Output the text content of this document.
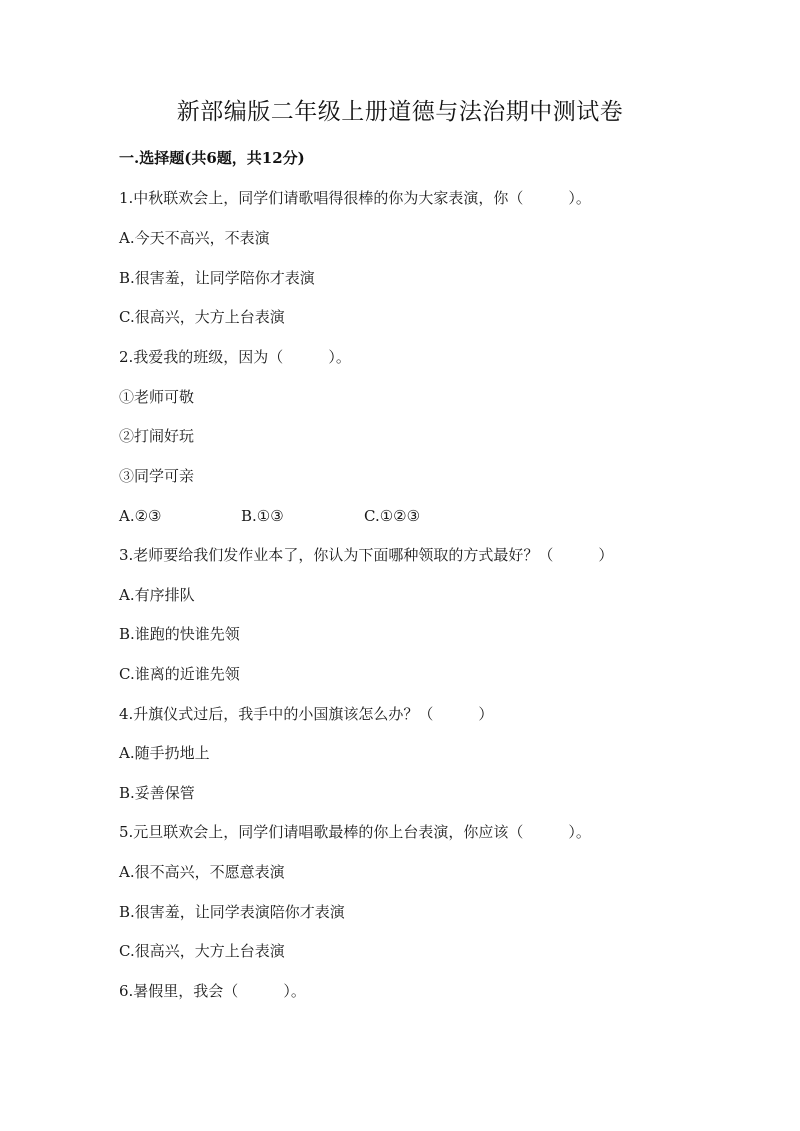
新部编版二年级上册道德与法治期中测试卷
一.选择题(共6题，共12分)
1.中秋联欢会上，同学们请歌唱得很棒的你为大家表演，你（　　　）。
A.今天不高兴，不表演
B.很害羞，让同学陪你才表演
C.很高兴，大方上台表演
2.我爱我的班级，因为（　　　）。
①老师可敬
②打闹好玩
③同学可亲
A.②③	B.①③	C.①②③
3.老师要给我们发作业本了，你认为下面哪种领取的方式最好？（　　　）
A.有序排队
B.谁跑的快谁先领
C.谁离的近谁先领
4.升旗仪式过后，我手中的小国旗该怎么办？（　　　）
A.随手扔地上
B.妥善保管
5.元旦联欢会上，同学们请唱歌最棒的你上台表演，你应该（　　　）。
A.很不高兴，不愿意表演
B.很害羞，让同学表演陪你才表演
C.很高兴，大方上台表演
6.暑假里，我会（　　　）。
